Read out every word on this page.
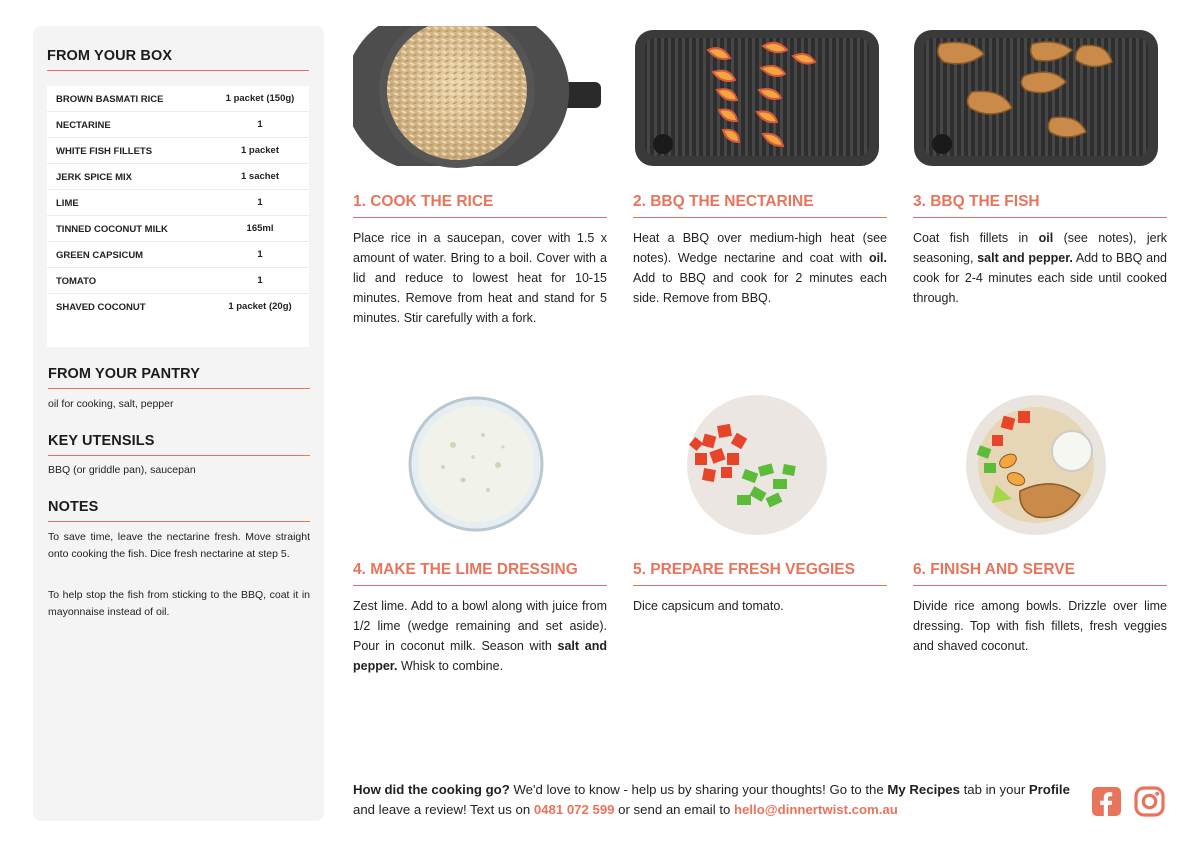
FROM YOUR BOX
BROWN BASMATI RICE	1 packet (150g)
NECTARINE	1
WHITE FISH FILLETS	1 packet
JERK SPICE MIX	1 sachet
LIME	1
TINNED COCONUT MILK	165ml
GREEN CAPSICUM	1
TOMATO	1
SHAVED COCONUT	1 packet (20g)
FROM YOUR PANTRY
oil for cooking, salt, pepper
KEY UTENSILS
BBQ (or griddle pan), saucepan
NOTES
To save time, leave the nectarine fresh. Move straight onto cooking the fish. Dice fresh nectarine at step 5.
To help stop the fish from sticking to the BBQ, coat it in mayonnaise instead of oil.
1. COOK THE RICE	2. BBQ THE NECTARINE	3. BBQ THE FISH
4. MAKE THE LIME DRESSING	5. PREPARE FRESH VEGGIES	6. FINISH AND SERVE
Place rice in a saucepan, cover with 1.5 x amount of water. Bring to a boil. Cover with a lid and reduce to lowest heat for 10-15 minutes. Remove from heat and stand for 5 minutes. Stir carefully with a fork.
Heat a BBQ over medium-high heat (see notes). Wedge nectarine and coat with oil. Add to BBQ and cook for 2 minutes each side. Remove from BBQ.
Coat fish fillets in oil (see notes), jerk seasoning, salt and pepper. Add to BBQ and cook for 2-4 minutes each side until cooked through.
Zest lime. Add to a bowl along with juice from 1/2 lime (wedge remaining and set aside). Pour in coconut milk. Season with salt and pepper. Whisk to combine.
Dice capsicum and tomato.	Divide rice among bowls. Drizzle over lime dressing. Top with fish fillets, fresh veggies and shaved coconut.
How did the cooking go? We'd love to know - help us by sharing your thoughts! Go to the My Recipes tab in your Profile and leave a review! Text us on 0481 072 599 or send an email to hello@dinnertwist.com.au
